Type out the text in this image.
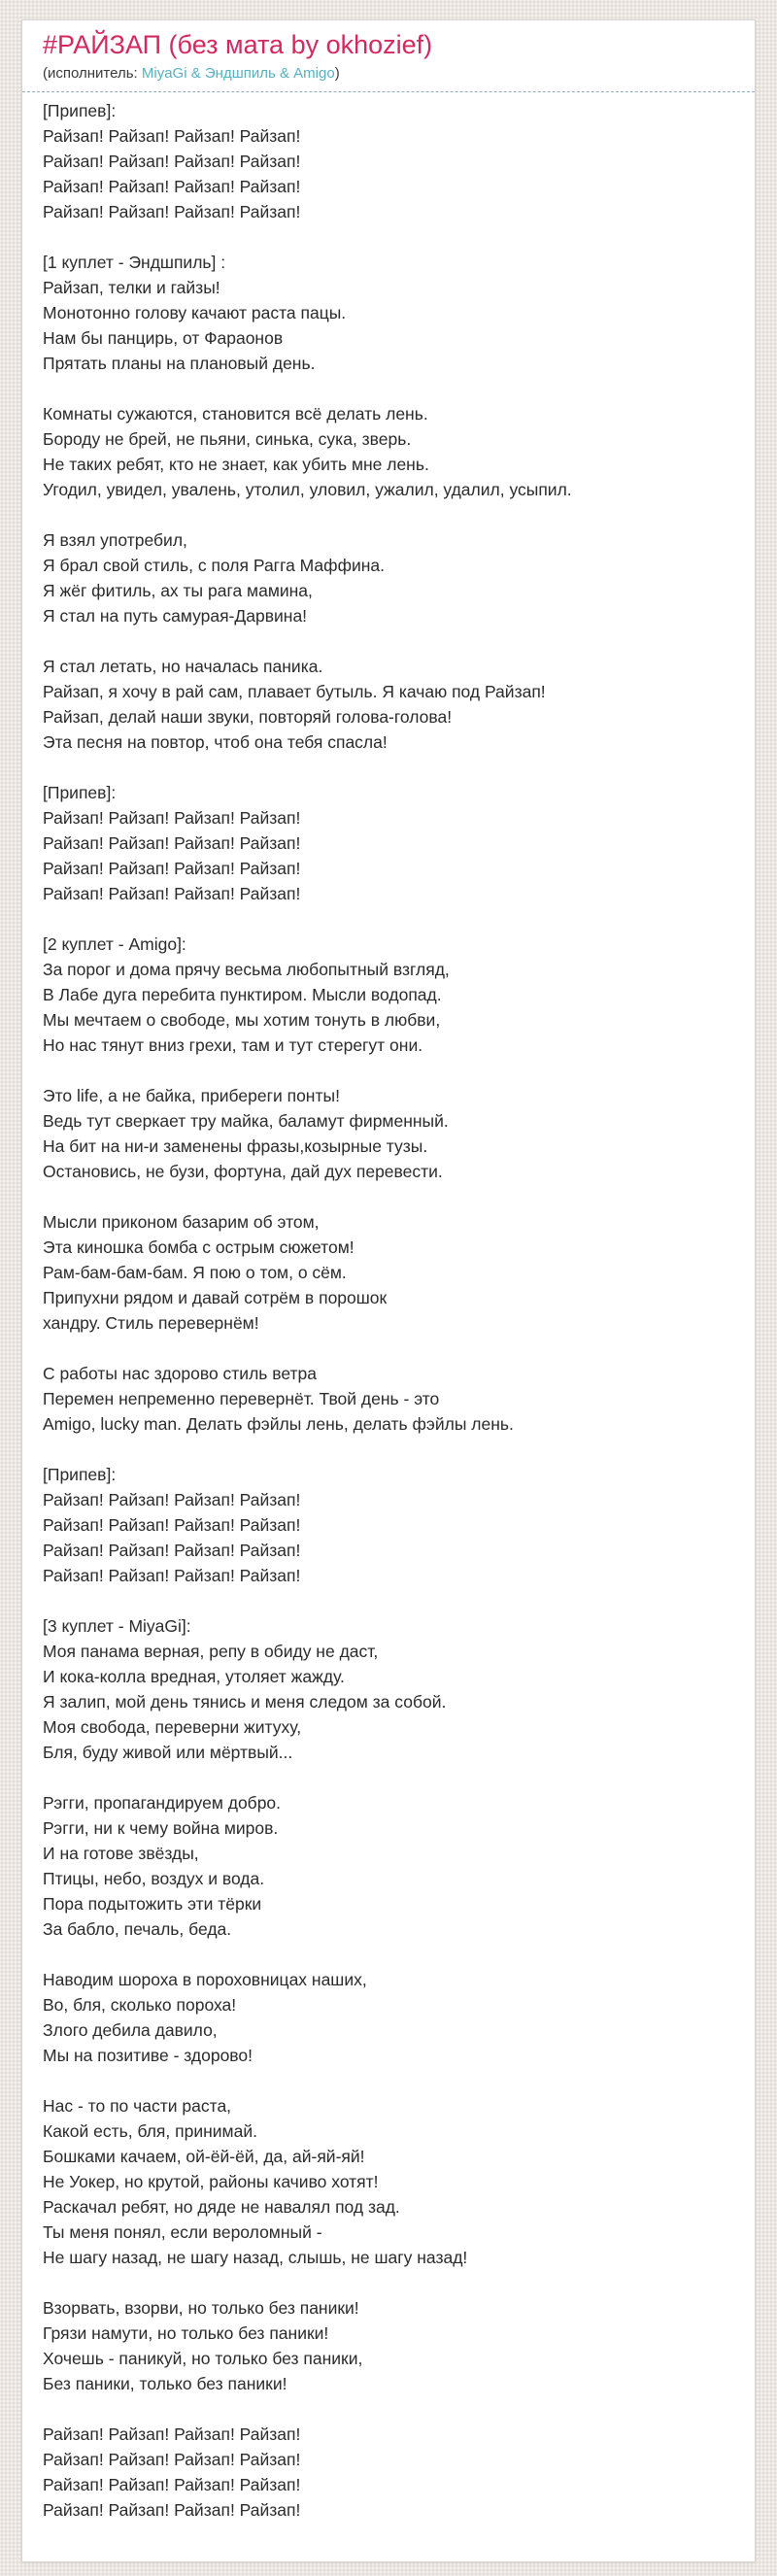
#РАЙЗАП (без мата by okhozief)

(исполнитель: MiyaGi & Эндшпиль & Amigo)

[Припев]:

Райзап! Райзап! Райзап! Райзап!

Райзап! Райзап! Райзап! Райзап!

Райзап! Райзап! Райзап! Райзап!

Райзап! Райзап! Райзап! Райзап!

[1 куплет - Эндшпиль] :

Райзап, телки и гайзы!

Монотонно голову качают раста пацы.

Нам бы панцирь, от Фараонов

Прятать планы на плановый день.

Комнаты сужаются, становится всё делать лень.

Бороду не брей, не пьяни, синька, сука, зверь.

Не таких ребят, кто не знает, как убить мне лень.

Угодил, увидел, увалень, утолил, уловил, ужалил, удалил, усыпил.

Я взял употребил,

Я брал свой стиль, с поля Рагга Маффина.

Я жёг фитиль, ах ты рага мамина,

Я стал на путь самурая-Дарвина!

Я стал летать, но началась паника.

Райзап, я хочу в рай сам, плавает бутыль. Я качаю под Райзап!

Райзап, делай наши звуки, повторяй голова-голова!

Эта песня на повтор, чтоб она тебя спасла!

[Припев]:

Райзап! Райзап! Райзап! Райзап!

Райзап! Райзап! Райзап! Райзап!

Райзап! Райзап! Райзап! Райзап!

Райзап! Райзап! Райзап! Райзап!

[2 куплет - Amigo]:

За порог и дома прячу весьма любопытный взгляд,

В Лабе дуга перебита пунктиром. Мысли водопад.

Мы мечтаем о свободе, мы хотим тонуть в любви,

Но нас тянут вниз грехи, там и тут стерегут они.

Это life, а не байка, прибереги понты!

Ведь тут сверкает тру майка, баламут фирменный.

На бит на ни-и заменены фразы,козырные тузы.

Остановись, не бузи, фортуна, дай дух перевести.

Мысли приконом базарим об этом,

Эта киношка бомба с острым сюжетом!

Рам-бам-бам-бам. Я пою о том, о сём.

Припухни рядом и давай сотрём в порошок

хандру. Стиль перевернём!

С работы нас здорово стиль ветра

Перемен непременно перевернёт. Твой день - это

Amigo, lucky man. Делать фэйлы лень, делать фэйлы лень.

[Припев]:

Райзап! Райзап! Райзап! Райзап!

Райзап! Райзап! Райзап! Райзап!

Райзап! Райзап! Райзап! Райзап!

Райзап! Райзап! Райзап! Райзап!

[3 куплет - MiyaGi]:

Моя панама верная, репу в обиду не даст,

И кока-колла вредная, утоляет жажду.

Я залип, мой день тянись и меня следом за собой.

Моя свобода, переверни житуху,

Бля, буду живой или мёртвый...

Рэгги, пропагандируем добро.

Рэгги, ни к чему война миров.

И на готове звёзды,

Птицы, небо, воздух и вода.

Пора подытожить эти тёрки

За бабло, печаль, беда.

Наводим шороха в пороховницах наших,

Во, бля, сколько пороха!

Злого дебила давило,

Мы на позитиве - здорово!

Нас - то по части раста,

Какой есть, бля, принимай.

Бошками качаем, ой-ёй-ёй, да, ай-яй-яй!

Не Уокер, но крутой, районы качиво хотят!

Раскачал ребят, но дяде не навалял под зад.

Ты меня понял, если вероломный -

Не шагу назад, не шагу назад, слышь, не шагу назад!

Взорвать, взорви, но только без паники!

Грязи намути, но только без паники!

Хочешь - паникуй, но только без паники,

Без паники, только без паники!

Райзап! Райзап! Райзап! Райзап!

Райзап! Райзап! Райзап! Райзап!

Райзап! Райзап! Райзап! Райзап!

Райзап! Райзап! Райзап! Райзап!
